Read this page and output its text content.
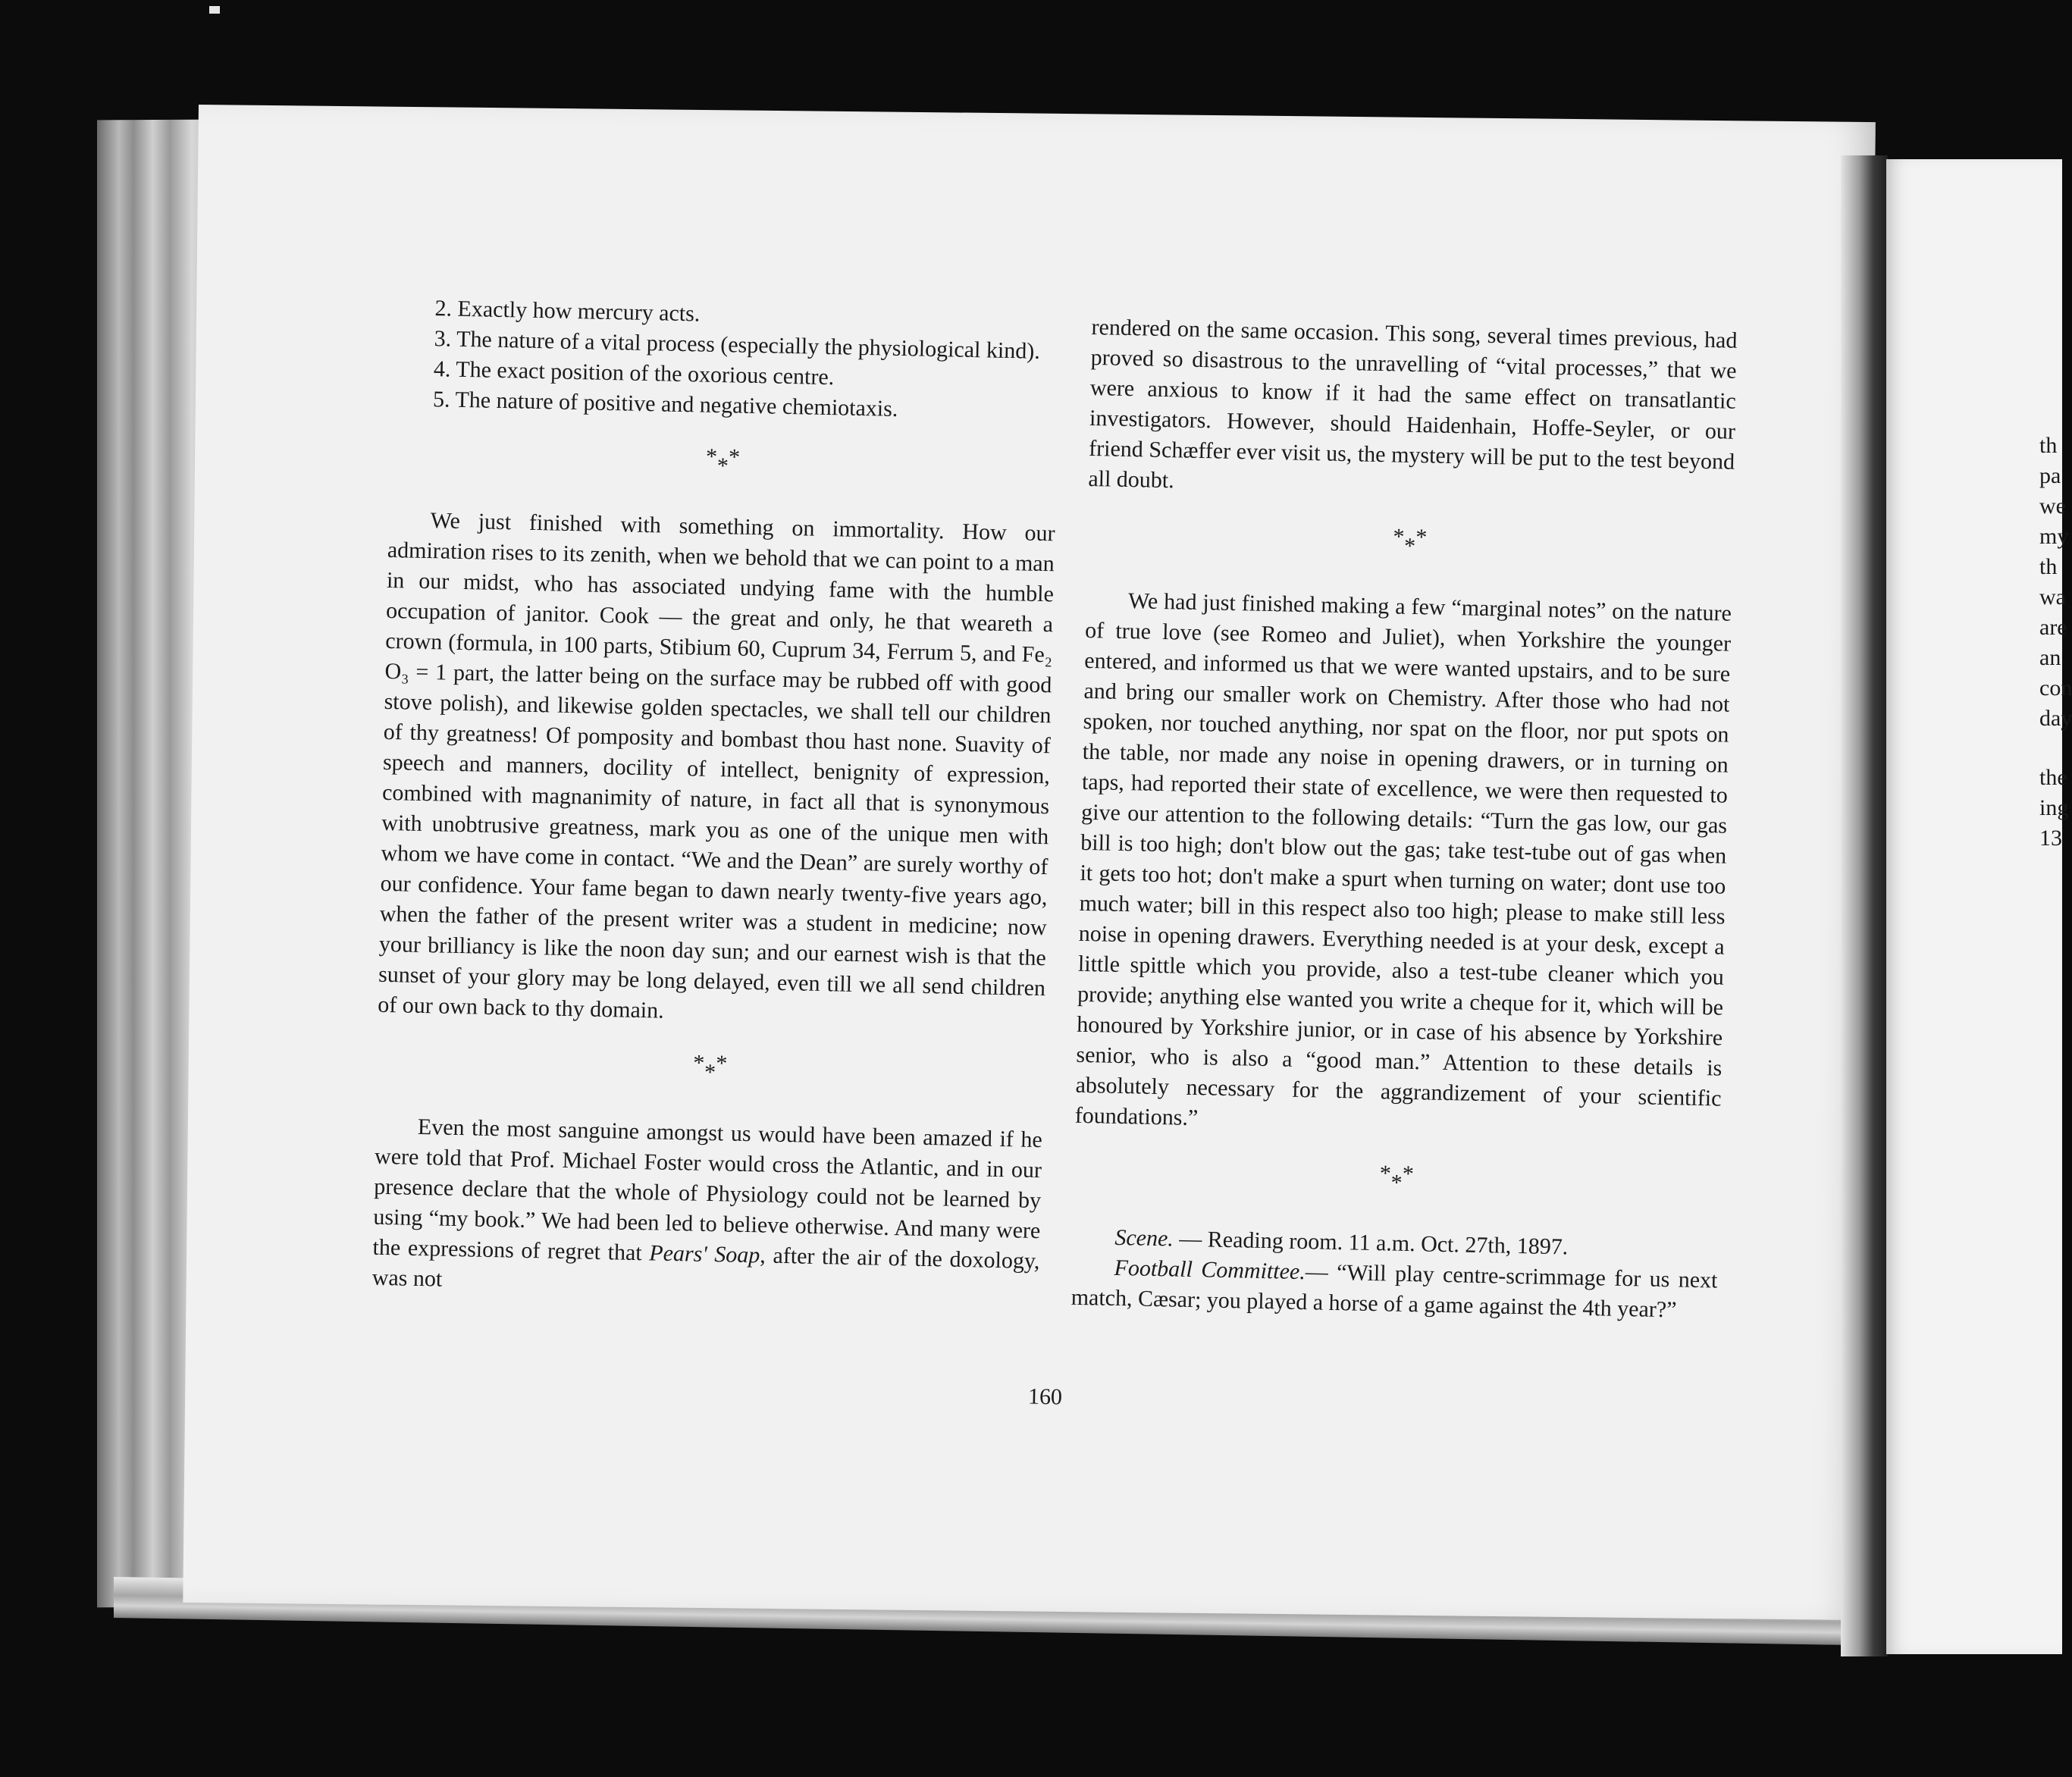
2. Exactly how mercury acts.

3. The nature of a vital process (especially the physiological kind).

4. The exact position of the oxorious centre.

5. The nature of positive and negative chemiotaxis.

***

We just finished with something on immortality. How our admiration rises to its zenith, when we behold that we can point to a man in our midst, who has associated undying fame with the humble occupation of janitor. Cook — the great and only, he that weareth a crown (formula, in 100 parts, Stibium 60, Cuprum 34, Ferrum 5, and Fe₂ O₃ = 1 part, the latter being on the surface may be rubbed off with good stove polish), and likewise golden spectacles, we shall tell our children of thy greatness! Of pomposity and bombast thou hast none. Suavity of speech and manners, docility of intellect, benignity of expression, combined with magnanimity of nature, in fact all that is synonymous with unobtrusive greatness, mark you as one of the unique men with whom we have come in contact. “We and the Dean” are surely worthy of our confidence. Your fame began to dawn nearly twenty-five years ago, when the father of the present writer was a student in medicine; now your brilliancy is like the noon day sun; and our earnest wish is that the sunset of your glory may be long delayed, even till we all send children of our own back to thy domain.

***

Even the most sanguine amongst us would have been amazed if he were told that Prof. Michael Foster would cross the Atlantic, and in our presence declare that the whole of Physiology could not be learned by using “my book.” We had been led to believe otherwise. And many were the expressions of regret that Pears' Soap, after the air of the doxology, was not

rendered on the same occasion. This song, several times previous, had proved so disastrous to the unravelling of “vital processes,” that we were anxious to know if it had the same effect on transatlantic investigators. However, should Haidenhain, Hoffe-Seyler, or our friend Schæffer ever visit us, the mystery will be put to the test beyond all doubt.

***

We had just finished making a few “marginal notes” on the nature of true love (see Romeo and Juliet), when Yorkshire the younger entered, and informed us that we were wanted upstairs, and to be sure and bring our smaller work on Chemistry. After those who had not spoken, nor touched anything, nor spat on the floor, nor put spots on the table, nor made any noise in opening drawers, or in turning on taps, had reported their state of excellence, we were then requested to give our attention to the following details: “Turn the gas low, our gas bill is too high; don't blow out the gas; take test-tube out of gas when it gets too hot; don't make a spurt when turning on water; dont use too much water; bill in this respect also too high; please to make still less noise in opening drawers. Everything needed is at your desk, except a little spittle which you provide, also a test-tube cleaner which you provide; anything else wanted you write a cheque for it, which will be honoured by Yorkshire junior, or in case of his absence by Yorkshire senior, who is also a “good man.” Attention to these details is absolutely necessary for the aggrandizement of your scientific foundations.”

***

Scene. — Reading room. 11 a.m. Oct. 27th, 1897.

Football Committee.— “Will play centre-scrimmage for us next match, Cæsar; you played a horse of a game against the 4th year?”

160
th
pa
we
my
th
wa
are
an
con
day
the
ing
13
